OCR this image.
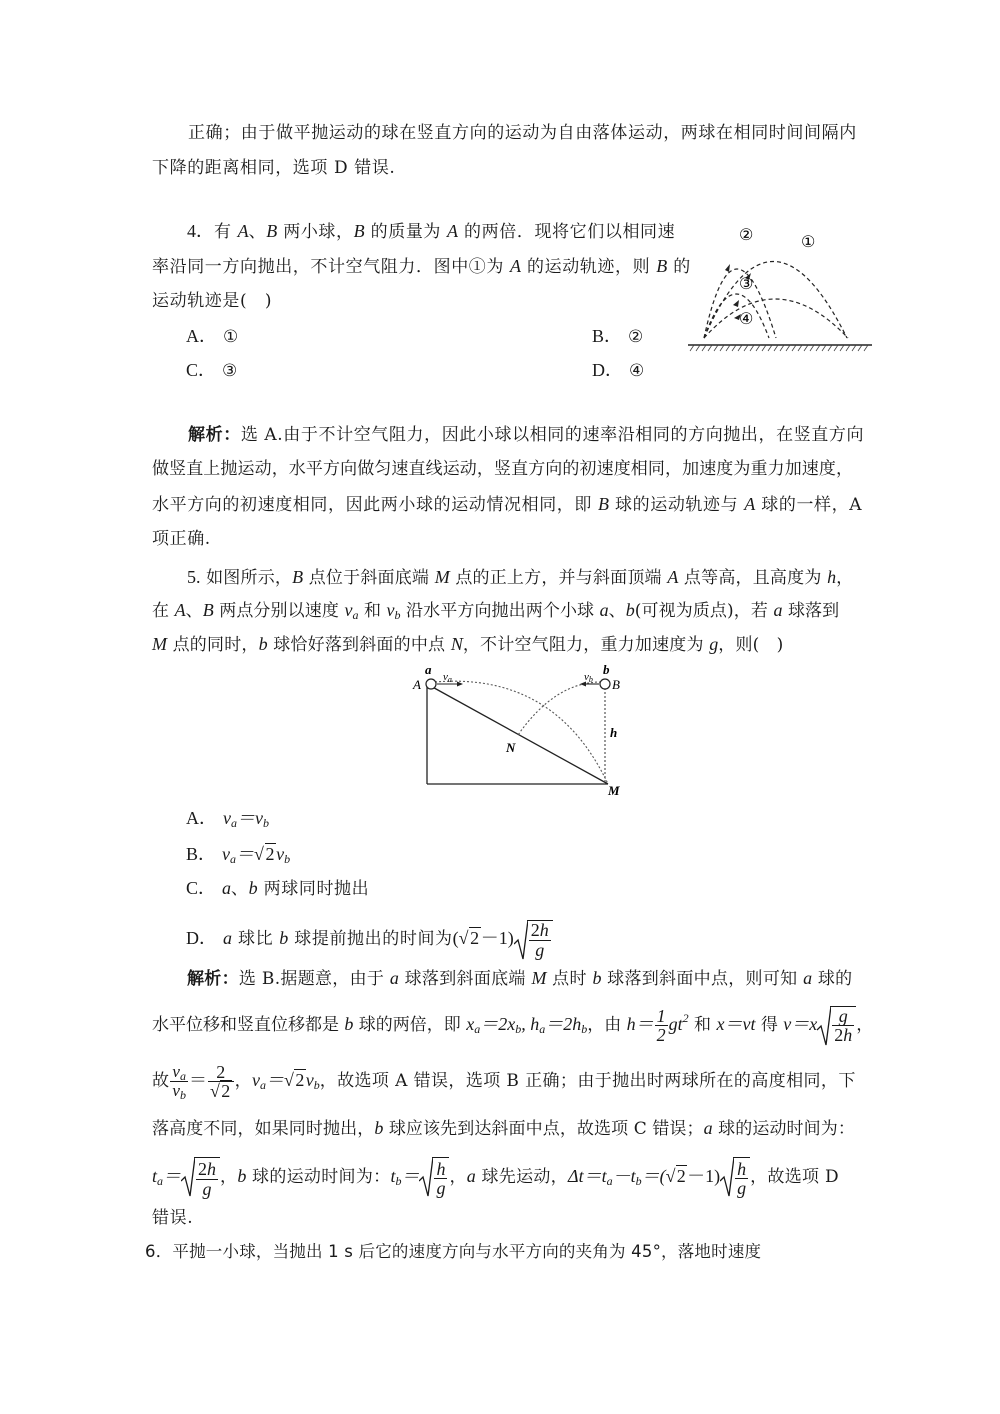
正确；由于做平抛运动的球在竖直方向的运动为自由落体运动，两球在相同时间间隔内
下降的距离相同，选项 D 错误.
4．有 A、B 两小球，B 的质量为 A 的两倍．现将它们以相同速
率沿同一方向抛出，不计空气阻力．图中①为 A 的运动轨迹，则 B 的
运动轨迹是(　)
A． ①	B． ②
C． ③	D． ④
①
②
③
④
解析：选 A.由于不计空气阻力，因此小球以相同的速率沿相同的方向抛出，在竖直方向
做竖直上抛运动，水平方向做匀速直线运动，竖直方向的初速度相同，加速度为重力加速度，
水平方向的初速度相同，因此两小球的运动情况相同，即 B 球的运动轨迹与 A 球的一样，A
项正确.
5. 如图所示，B 点位于斜面底端 M 点的正上方，并与斜面顶端 A 点等高，且高度为 h，
在 A、B 两点分别以速度 $v_a$ 和 $v_b$ 沿水平方向抛出两个小球 a、b(可视为质点)，若 a 球落到
M 点的同时，b 球恰好落到斜面的中点 N，不计空气阻力，重力加速度为 g，则(　)
A
a va	vb
b
B
h
N
M
A． $v_a=v_b$
B． $v_a=√2v_b$
C． a、b 两球同时抛出
D． a 球比 b 球提前抛出的时间为$(√2-1) \frac{2h}{g}$
解析：选 B.据题意，由于 a 球落到斜面底端 M 点时 b 球落到斜面中点，则可知 a 球的
水平位移和竖直位移都是 b 球的两倍，即 $x_a=2x_b$, $h_a=2h_b$，由 $h= \frac{1}{2} gt^2$ 和 x＝vt 得 $v=x \frac{g}{2h}$ ，
故 $\frac{v_a}{v_b} = \frac{2}{√2}$ ，$v_a=√2v_b$，故选项 A 错误，选项 B 正确；由于抛出时两球所在的高度相同，下
落高度不同，如果同时抛出，b 球应该先到达斜面中点，故选项 C 错误；a 球的运动时间为：
$t_a= \frac{2h}{g}$ ，b 球的运动时间为：$t_b= \frac{h}{g}$ ，a 球先运动，$\Delta t=t_a-t_b=(√2-1) \frac{h}{g}$ ，故选项 D
错误.
6．平抛一小球，当抛出 1 s 后它的速度方向与水平方向的夹角为 45°，落地时速度
